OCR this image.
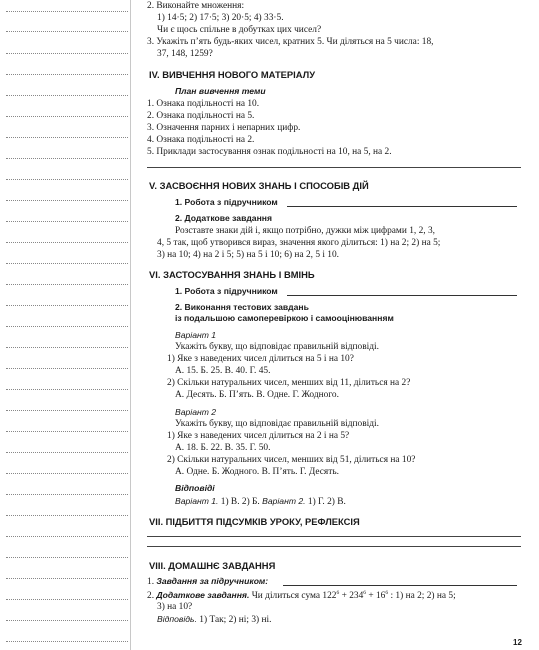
2. Виконайте множення:
1) 14·5; 2) 17·5; 3) 20·5; 4) 33·5.
Чи є щось спільне в добутках цих чисел?
3. Укажіть п’ять будь-яких чисел, кратних 5. Чи діляться на 5 числа: 18,
37, 148, 1259?
IV. ВИВЧЕННЯ НОВОГО МАТЕРІАЛУ
План вивчення теми
1. Ознака подільності на 10.
2. Ознака подільності на 5.
3. Означення парних і непарних цифр.
4. Ознака подільності на 2.
5. Приклади застосування ознак подільності на 10, на 5, на 2.
V. ЗАСВОЄННЯ НОВИХ ЗНАНЬ І СПОСОБІВ ДІЙ
1. Робота з підручником
2. Додаткове завдання
Розставте знаки дій і, якщо потрібно, дужки між цифрами 1, 2, 3,
4, 5 так, щоб утворився вираз, значення якого ділиться: 1) на 2; 2) на 5;
3) на 10; 4) на 2 і 5; 5) на 5 і 10; 6) на 2, 5 і 10.
VI. ЗАСТОСУВАННЯ ЗНАНЬ І ВМІНЬ
1. Робота з підручником
2. Виконання тестових завдань
із подальшою самоперевіркою і самооцінюванням
Варіант 1
Укажіть букву, що відповідає правильній відповіді.
1) Яке з наведених чисел ділиться на 5 і на 10?
А. 15. Б. 25. В. 40. Г. 45.
2) Скільки натуральних чисел, менших від 11, ділиться на 2?
А. Десять. Б. П’ять. В. Одне. Г. Жодного.
Варіант 2
Укажіть букву, що відповідає правильній відповіді.
1) Яке з наведених чисел ділиться на 2 і на 5?
А. 18. Б. 22. В. 35. Г. 50.
2) Скільки натуральних чисел, менших від 51, ділиться на 10?
А. Одне. Б. Жодного. В. П’ять. Г. Десять.
Відповіді
Варіант 1. 1) В. 2) Б. Варіант 2. 1) Г. 2) В.
VII. ПІДБИТТЯ ПІДСУМКІВ УРОКУ, РЕФЛЕКСІЯ
VIII. ДОМАШНЄ ЗАВДАННЯ
1. Завдання за підручником:
2. Додаткове завдання. Чи ділиться сума $122^6 + 234^6 + 16^6$ : 1) на 2; 2) на 5;
3) на 10?
Відповідь. 1) Так; 2) ні; 3) ні.
12
